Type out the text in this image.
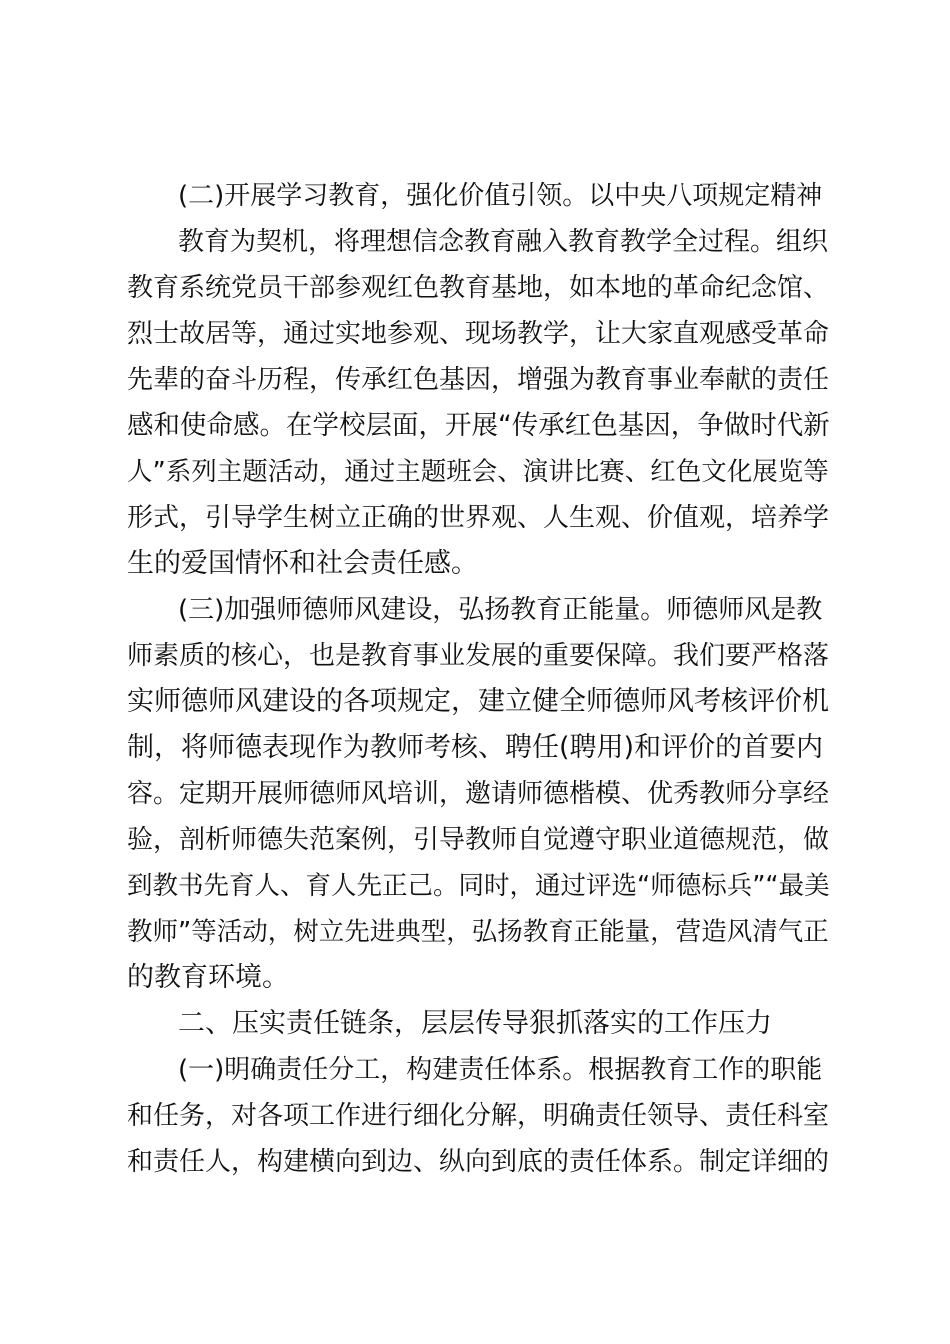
(二)开展学习教育，强化价值引领。以中央八项规定精神
教育为契机，将理想信念教育融入教育教学全过程。组织
教育系统党员干部参观红色教育基地，如本地的革命纪念馆、
烈士故居等，通过实地参观、现场教学，让大家直观感受革命
先辈的奋斗历程，传承红色基因，增强为教育事业奉献的责任
感和使命感。在学校层面，开展“传承红色基因，争做时代新
人”系列主题活动，通过主题班会、演讲比赛、红色文化展览等
形式，引导学生树立正确的世界观、人生观、价值观，培养学
生的爱国情怀和社会责任感。
(三)加强师德师风建设，弘扬教育正能量。师德师风是教
师素质的核心，也是教育事业发展的重要保障。我们要严格落
实师德师风建设的各项规定，建立健全师德师风考核评价机
制，将师德表现作为教师考核、聘任(聘用)和评价的首要内
容。定期开展师德师风培训，邀请师德楷模、优秀教师分享经
验，剖析师德失范案例，引导教师自觉遵守职业道德规范，做
到教书先育人、育人先正己。同时，通过评选“师德标兵”“最美
教师”等活动，树立先进典型，弘扬教育正能量，营造风清气正
的教育环境。
二、压实责任链条，层层传导狠抓落实的工作压力
(一)明确责任分工，构建责任体系。根据教育工作的职能
和任务，对各项工作进行细化分解，明确责任领导、责任科室
和责任人，构建横向到边、纵向到底的责任体系。制定详细的
